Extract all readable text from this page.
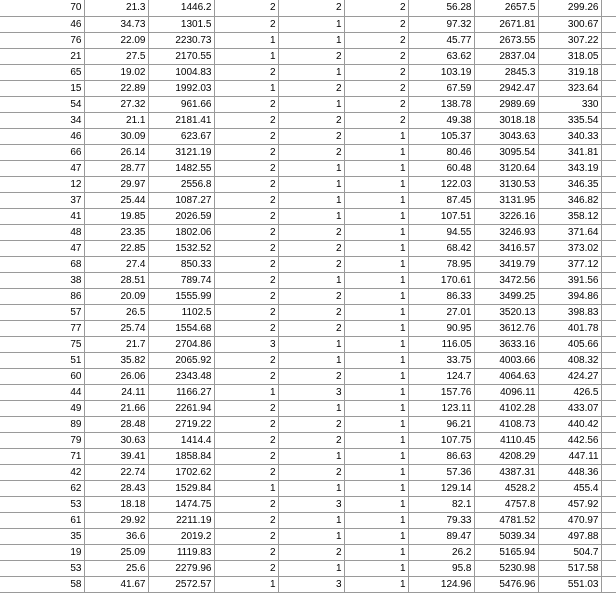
70	21.3	1446.2	2	2	2	56.28	2657.5	299.26	
46	34.73	1301.5	2	1	2	97.32	2671.81	300.67	
76	22.09	2230.73	1	1	2	45.77	2673.55	307.22	
21	27.5	2170.55	1	2	2	63.62	2837.04	318.05	
65	19.02	1004.83	2	1	2	103.19	2845.3	319.18	
15	22.89	1992.03	1	2	2	67.59	2942.47	323.64	
54	27.32	961.66	2	1	2	138.78	2989.69	330	
34	21.1	2181.41	2	2	2	49.38	3018.18	335.54	
46	30.09	623.67	2	2	1	105.37	3043.63	340.33	
66	26.14	3121.19	2	2	1	80.46	3095.54	341.81	
47	28.77	1482.55	2	1	1	60.48	3120.64	343.19	
12	29.97	2556.8	2	1	1	122.03	3130.53	346.35	
37	25.44	1087.27	2	1	1	87.45	3131.95	346.82	
41	19.85	2026.59	2	1	1	107.51	3226.16	358.12	
48	23.35	1802.06	2	2	1	94.55	3246.93	371.64	
47	22.85	1532.52	2	2	1	68.42	3416.57	373.02	
68	27.4	850.33	2	2	1	78.95	3419.79	377.12	
38	28.51	789.74	2	1	1	170.61	3472.56	391.56	
86	20.09	1555.99	2	2	1	86.33	3499.25	394.86	
57	26.5	1102.5	2	2	1	27.01	3520.13	398.83	
77	25.74	1554.68	2	2	1	90.95	3612.76	401.78	
75	21.7	2704.86	3	1	1	116.05	3633.16	405.66	
51	35.82	2065.92	2	1	1	33.75	4003.66	408.32	
60	26.06	2343.48	2	2	1	124.7	4064.63	424.27	
44	24.11	1166.27	1	3	1	157.76	4096.11	426.5	
49	21.66	2261.94	2	1	1	123.11	4102.28	433.07	
89	28.48	2719.22	2	2	1	96.21	4108.73	440.42	
79	30.63	1414.4	2	2	1	107.75	4110.45	442.56	
71	39.41	1858.84	2	1	1	86.63	4208.29	447.11	
42	22.74	1702.62	2	2	1	57.36	4387.31	448.36	
62	28.43	1529.84	1	1	1	129.14	4528.2	455.4	
53	18.18	1474.75	2	3	1	82.1	4757.8	457.92	
61	29.92	2211.19	2	1	1	79.33	4781.52	470.97	
35	36.6	2019.2	2	1	1	89.47	5039.34	497.88	
19	25.09	1119.83	2	2	1	26.2	5165.94	504.7	
53	25.6	2279.96	2	1	1	95.8	5230.98	517.58	
58	41.67	2572.57	1	3	1	124.96	5476.96	551.03	
